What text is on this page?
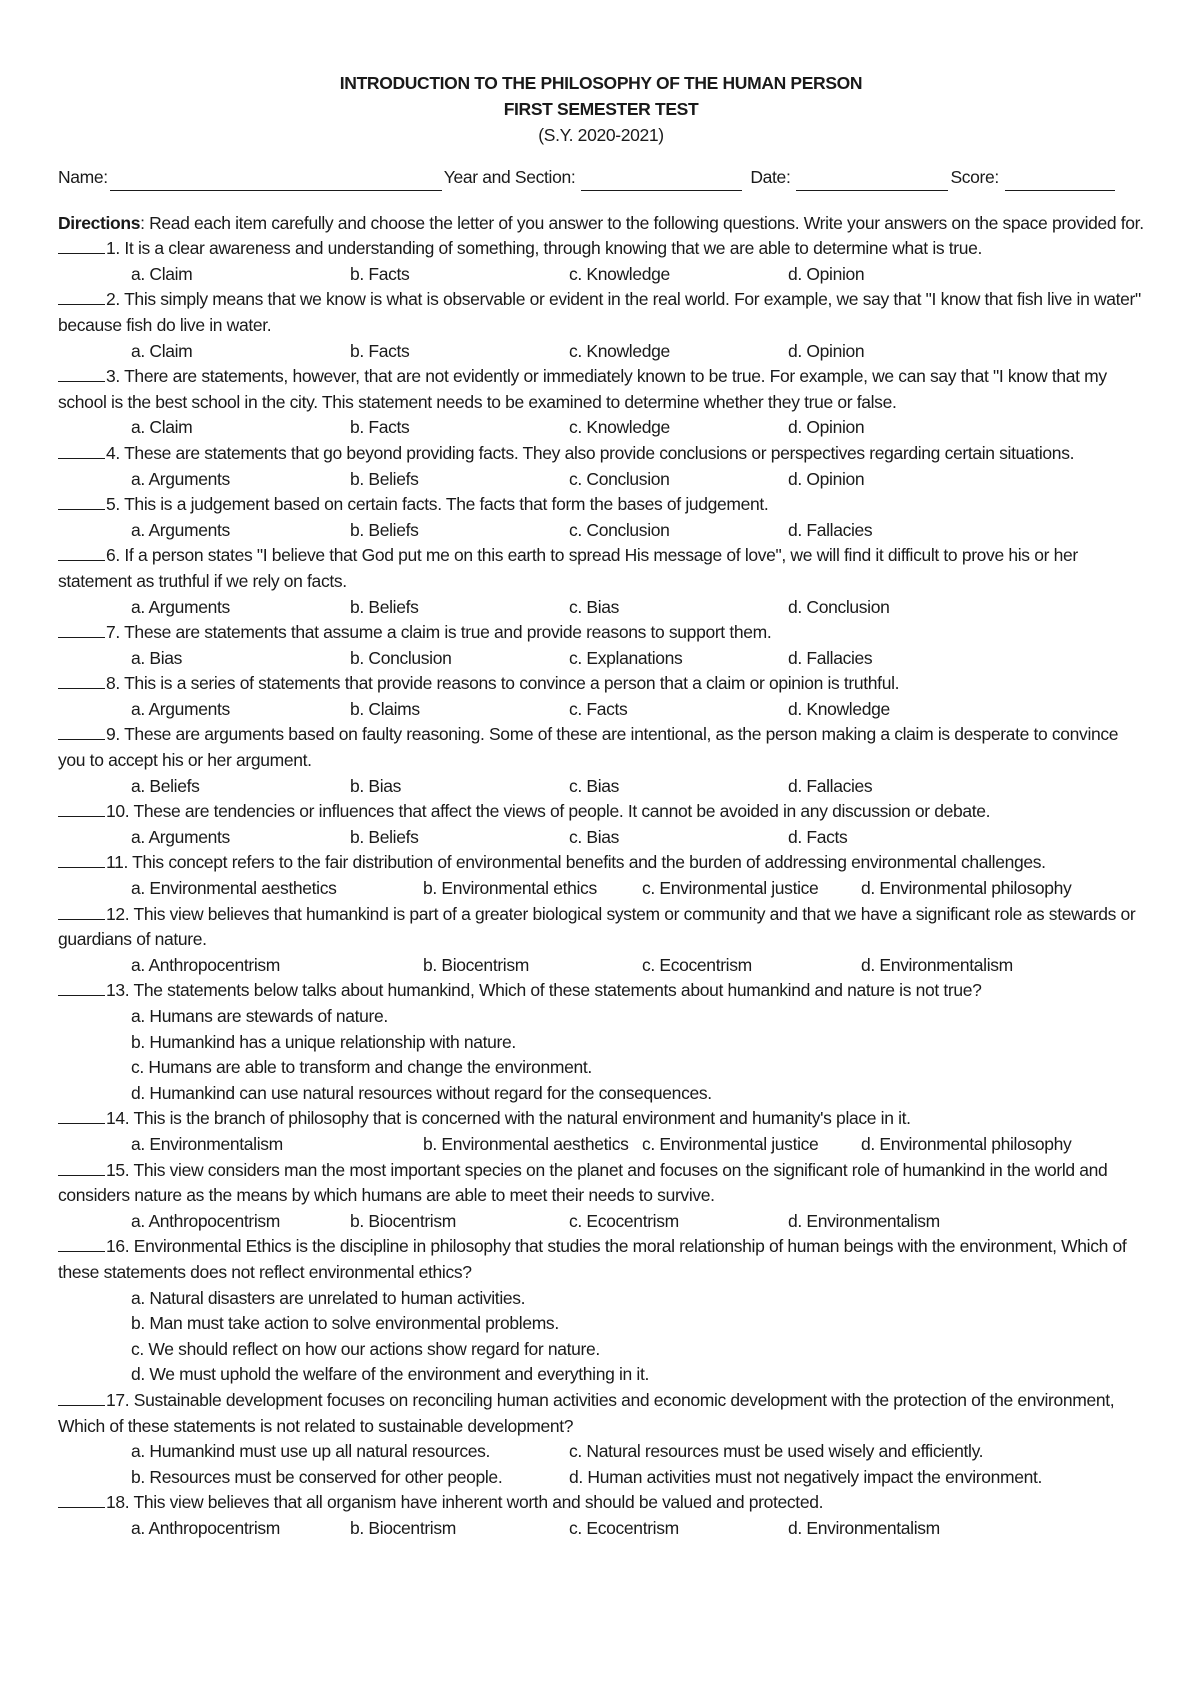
INTRODUCTION TO THE PHILOSOPHY OF THE HUMAN PERSON
FIRST SEMESTER TEST
(S.Y. 2020-2021)
Name:	Year and Section:	Date:	Score:
Directions: Read each item carefully and choose the letter of you answer to the following questions. Write your answers on the space provided for.
1. It is a clear awareness and understanding of something, through knowing that we are able to determine what is true.
a. Claim	b. Facts	c. Knowledge	d. Opinion
2. This simply means that we know is what is observable or evident in the real world. For example, we say that "I know that fish live in water" because fish do live in water.
a. Claim	b. Facts	c. Knowledge	d. Opinion
3. There are statements, however, that are not evidently or immediately known to be true. For example, we can say that "I know that my school is the best school in the city. This statement needs to be examined to determine whether they true or false.
a. Claim	b. Facts	c. Knowledge	d. Opinion
4. These are statements that go beyond providing facts. They also provide conclusions or perspectives regarding certain situations.
a. Arguments	b. Beliefs	c. Conclusion	d. Opinion
5. This is a judgement based on certain facts. The facts that form the bases of judgement.
a. Arguments	b. Beliefs	c. Conclusion	d. Fallacies
6. If a person states "I believe that God put me on this earth to spread His message of love", we will find it difficult to prove his or her statement as truthful if we rely on facts.
a. Arguments	b. Beliefs	c. Bias	d. Conclusion
7. These are statements that assume a claim is true and provide reasons to support them.
a. Bias	b. Conclusion	c. Explanations	d. Fallacies
8. This is a series of statements that provide reasons to convince a person that a claim or opinion is truthful.
a. Arguments	b. Claims	c. Facts	d. Knowledge
9. These are arguments based on faulty reasoning. Some of these are intentional, as the person making a claim is desperate to convince you to accept his or her argument.
a. Beliefs	b. Bias	c. Bias	d. Fallacies
10. These are tendencies or influences that affect the views of people. It cannot be avoided in any discussion or debate.
a. Arguments	b. Beliefs	c. Bias	d. Facts
11. This concept refers to the fair distribution of environmental benefits and the burden of addressing environmental challenges.
a. Environmental aesthetics	b. Environmental ethics	c. Environmental justice	d. Environmental philosophy
12. This view believes that humankind is part of a greater biological system or community and that we have a significant role as stewards or guardians of nature.
a. Anthropocentrism	b. Biocentrism	c. Ecocentrism	d. Environmentalism
13. The statements below talks about humankind, Which of these statements about humankind and nature is not true?
a. Humans are stewards of nature.
b. Humankind has a unique relationship with nature.
c. Humans are able to transform and change the environment.
d. Humankind can use natural resources without regard for the consequences.
14. This is the branch of philosophy that is concerned with the natural environment and humanity's place in it.
a. Environmentalism	b. Environmental aesthetics c. Environmental justice	d. Environmental philosophy
15. This view considers man the most important species on the planet and focuses on the significant role of humankind in the world and considers nature as the means by which humans are able to meet their needs to survive.
a. Anthropocentrism	b. Biocentrism	c. Ecocentrism	d. Environmentalism
16. Environmental Ethics is the discipline in philosophy that studies the moral relationship of human beings with the environment, Which of these statements does not reflect environmental ethics?
a. Natural disasters are unrelated to human activities.
b. Man must take action to solve environmental problems.
c. We should reflect on how our actions show regard for nature.
d. We must uphold the welfare of the environment and everything in it.
17. Sustainable development focuses on reconciling human activities and economic development with the protection of the environment, Which of these statements is not related to sustainable development?
a. Humankind must use up all natural resources.	c. Natural resources must be used wisely and efficiently.
b. Resources must be conserved for other people.	d. Human activities must not negatively impact the environment.
18. This view believes that all organism have inherent worth and should be valued and protected.
a. Anthropocentrism	b. Biocentrism	c. Ecocentrism	d. Environmentalism
